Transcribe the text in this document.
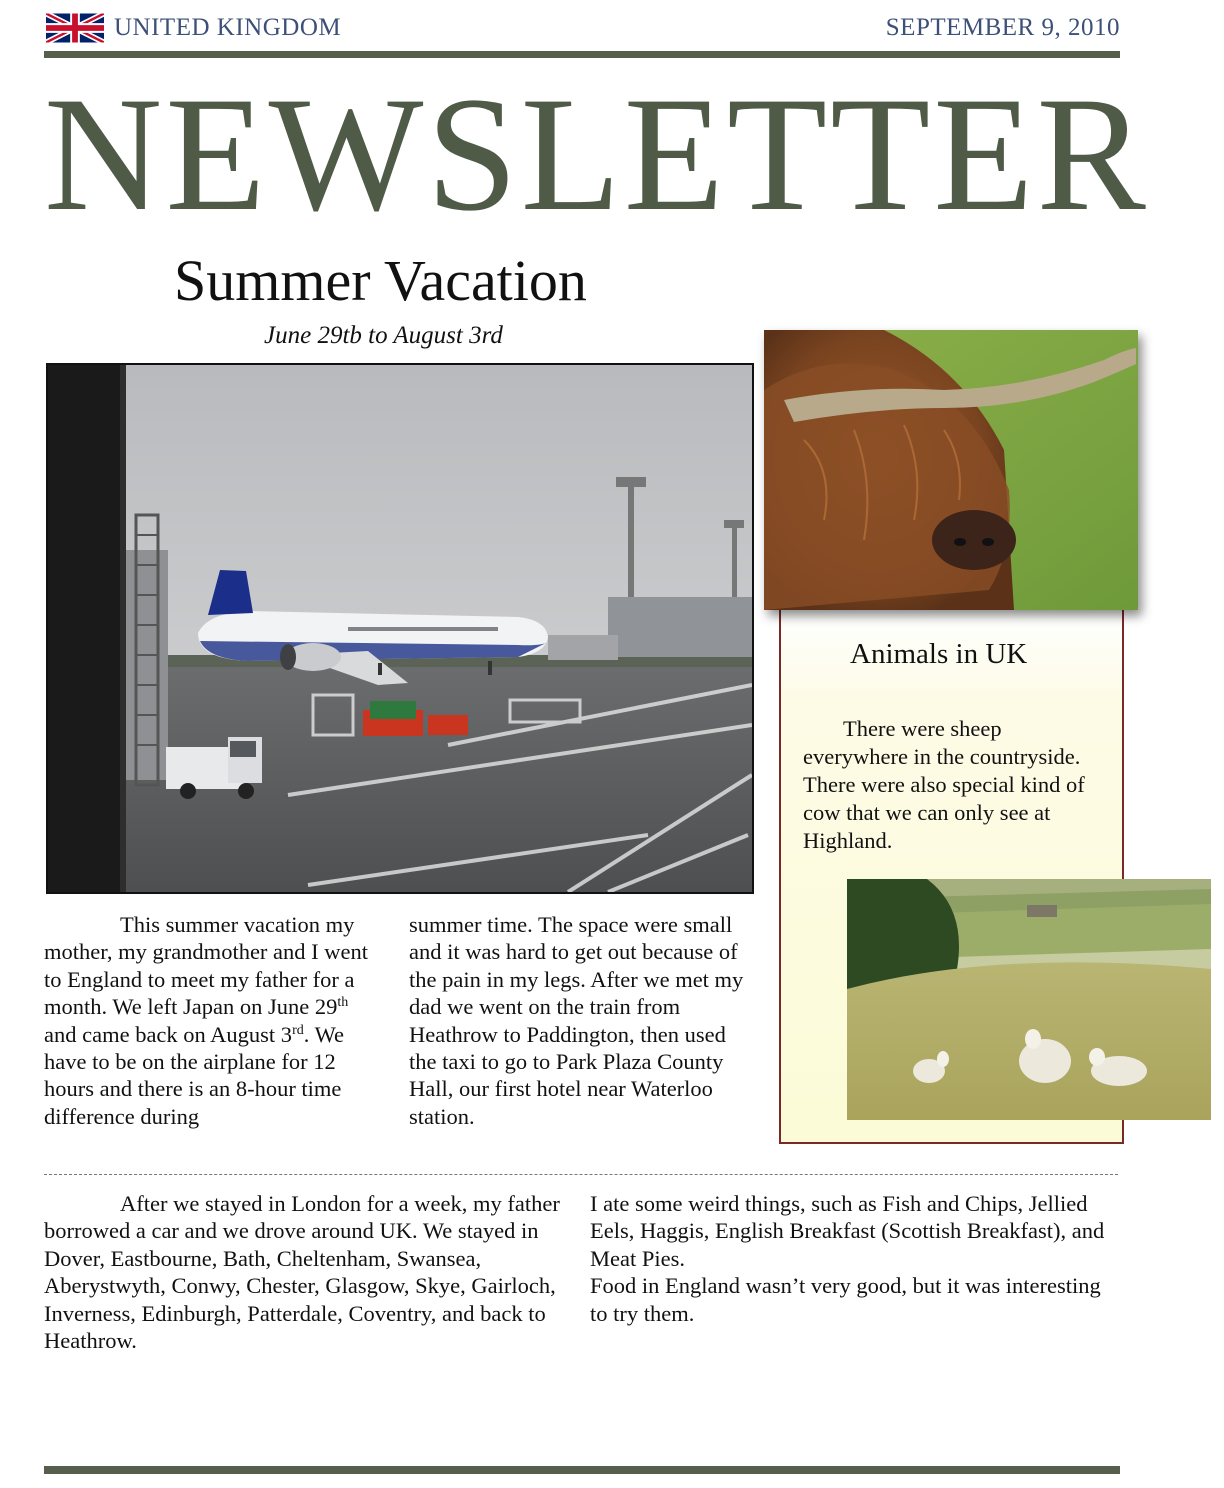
UNITED KINGDOM	SEPTEMBER 9, 2010
NEWSLETTER
Summer Vacation
June 29tb to August 3rd
This summer vacation my mother, my grandmother and I went to England to meet my father for a month. We left Japan on June 29th and came back on August 3rd. We have to be on the airplane for 12 hours and there is an 8-hour time difference during
summer time. The space were small and it was hard to get out because of the pain in my legs. After we met my dad we went on the train from Heathrow to Paddington, then used the taxi to go to Park Plaza County Hall, our first hotel near Waterloo station.
Animals in UK
There were sheep everywhere in the countryside. There were also special kind of cow that we can only see at Highland.
After we stayed in London for a week, my father borrowed a car and we drove around UK. We stayed in Dover, Eastbourne, Bath, Cheltenham, Swansea, Aberystwyth, Conwy, Chester, Glasgow, Skye, Gairloch, Inverness, Edinburgh, Patterdale, Coventry, and back to Heathrow.
I ate some weird things, such as Fish and Chips, Jellied Eels, Haggis, English Breakfast (Scottish Breakfast), and Meat Pies.
Food in England wasn’t very good, but it was interesting to try them.
